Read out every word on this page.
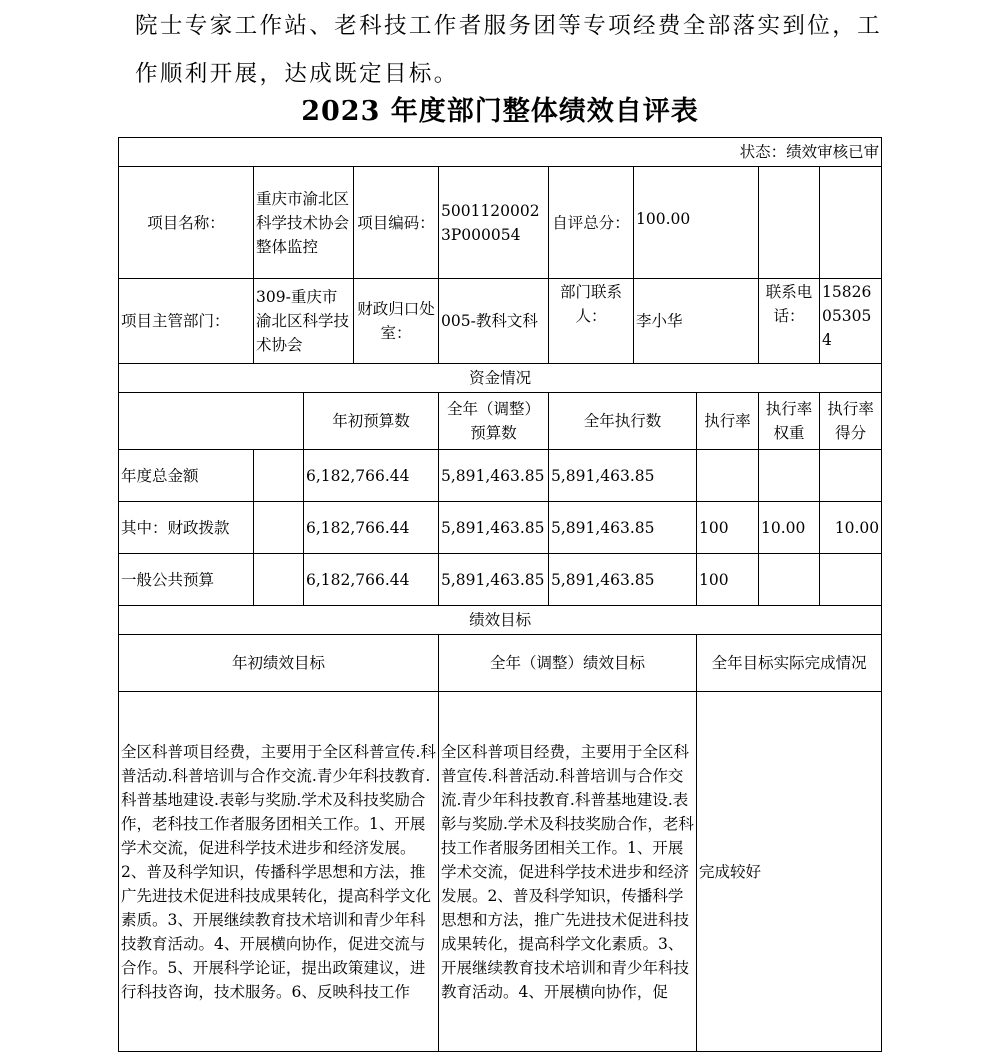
院士专家工作站、老科技工作者服务团等专项经费全部落实到位，工作顺利开展，达成既定目标。

2023 年度部门整体绩效自评表
状态：绩效审核已审									
项目名称：	重庆市渝北区科学技术协会整体监控		项目编码：	50011200023P000054	自评总分：	100.00			
项目主管部门：	309-重庆市渝北区科学技术协会		财政归口处室：	005-教科文科	部门联系人：	李小华		联系电话：	15826053054
资金情况									
		年初预算数		全年（调整）预算数	全年执行数		执行率	执行率权重	执行率得分
年度总金额		6,182,766.44		5,891,463.85	5,891,463.85				
其中：财政拨款		6,182,766.44		5,891,463.85	5,891,463.85		100	10.00	10.00
一般公共预算		6,182,766.44		5,891,463.85	5,891,463.85		100		
绩效目标									
年初绩效目标				全年（调整）绩效目标			全年目标实际完成情况		
全区科普项目经费，主要用于全区科普宣传.科普活动.科普培训与合作交流.青少年科技教育.科普基地建设.表彰与奖励.学术及科技奖励合作，老科技工作者服务团相关工作。1、开展学术交流，促进科学技术进步和经济发展。2、普及科学知识，传播科学思想和方法，推广先进技术促进科技成果转化，提高科学文化素质。3、开展继续教育技术培训和青少年科技教育活动。4、开展横向协作，促进交流与合作。5、开展科学论证，提出政策建议，进行科技咨询，技术服务。6、反映科技工作				全区科普项目经费，主要用于全区科普宣传.科普活动.科普培训与合作交流.青少年科技教育.科普基地建设.表彰与奖励.学术及科技奖励合作，老科技工作者服务团相关工作。1、开展学术交流，促进科学技术进步和经济发展。2、普及科学知识，传播科学思想和方法，推广先进技术促进科技成果转化，提高科学文化素质。3、开展继续教育技术培训和青少年科技教育活动。4、开展横向协作，促			完成较好		
